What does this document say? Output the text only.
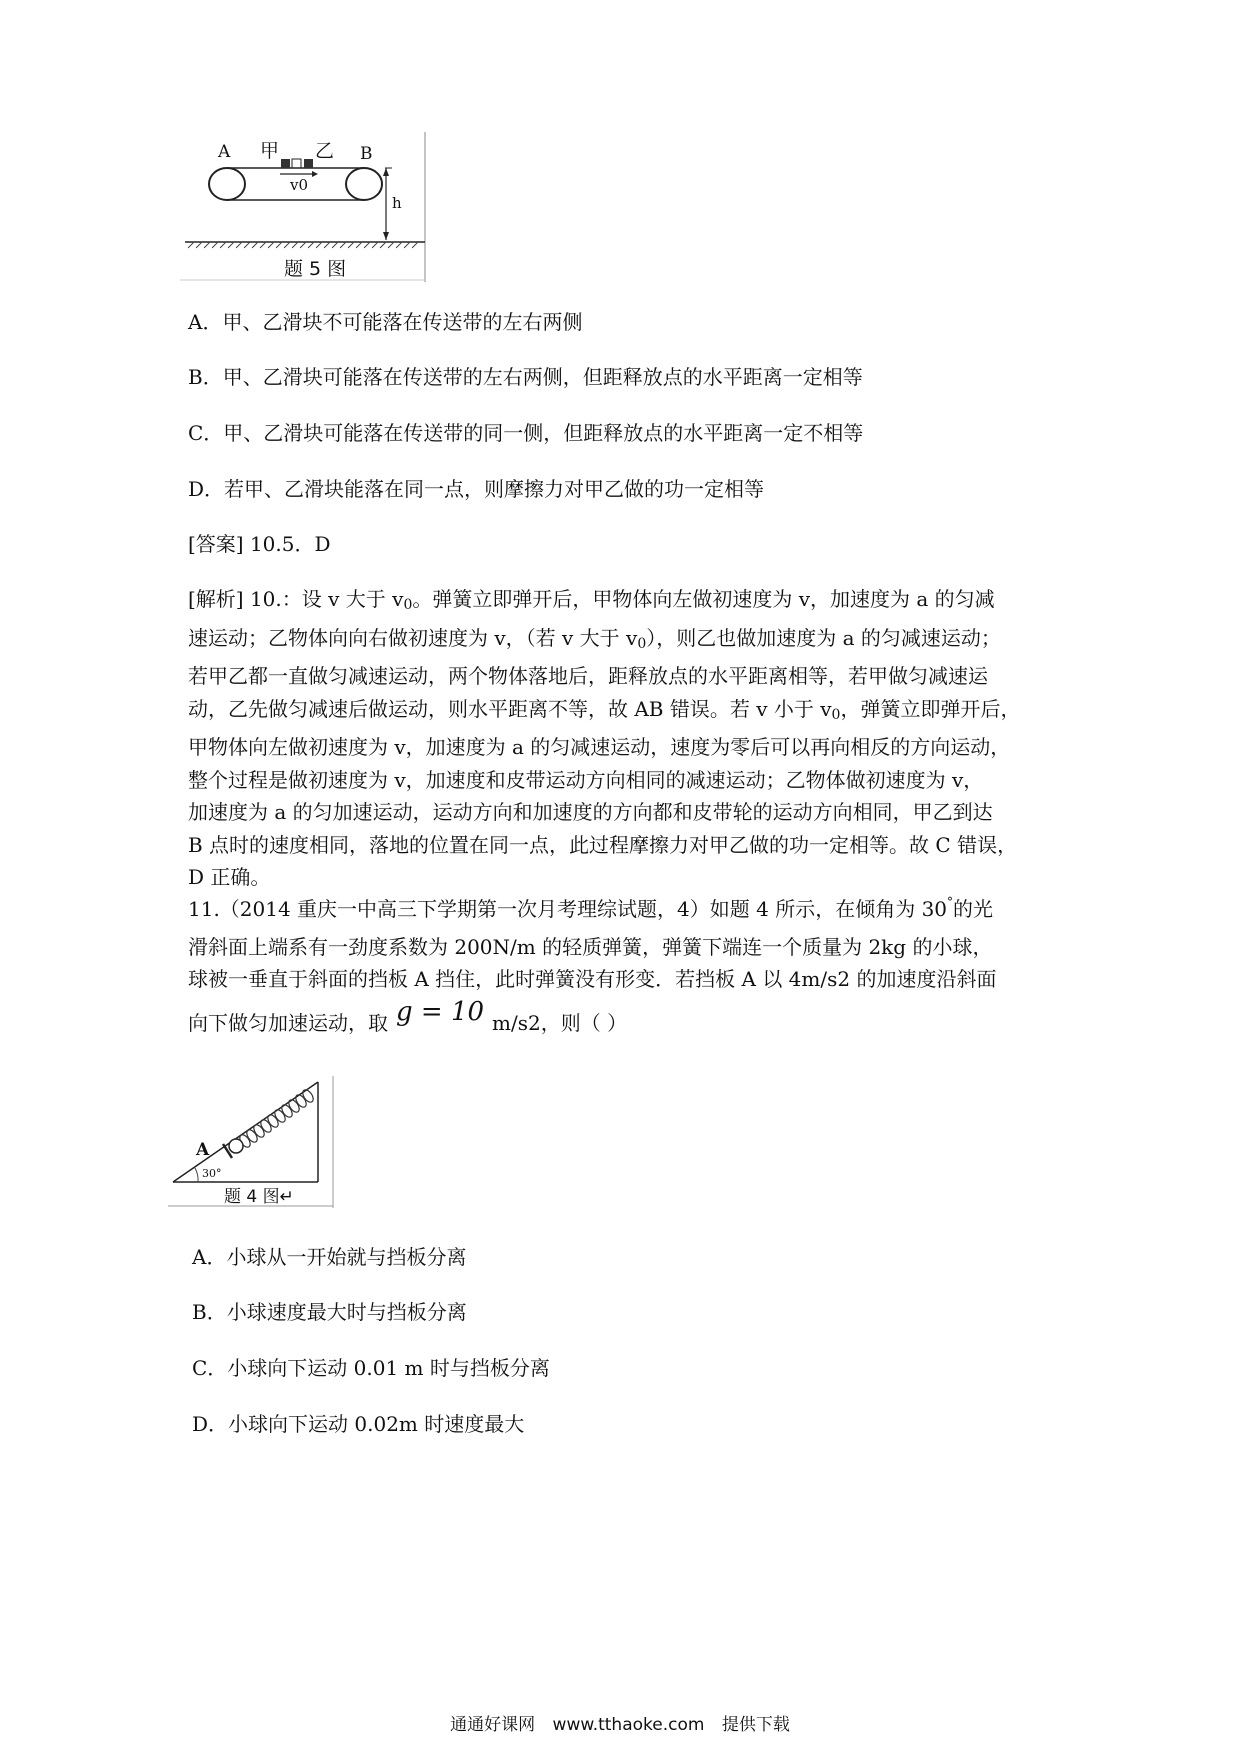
A 甲 乙 B
v0
h
题 5 图
A．甲、乙滑块不可能落在传送带的左右两侧
B．甲、乙滑块可能落在传送带的左右两侧，但距释放点的水平距离一定相等
C．甲、乙滑块可能落在传送带的同一侧，但距释放点的水平距离一定不相等
D．若甲、乙滑块能落在同一点，则摩擦力对甲乙做的功一定相等
[答案] 10.5．D

[解析] 10.：设 v 大于 $v_0$。弹簧立即弹开后，甲物体向左做初速度为 v，加速度为 a 的匀减

速运动；乙物体向向右做初速度为 v，（若 v 大于 $v_0$），则乙也做加速度为 a 的匀减速运动；

若甲乙都一直做匀减速运动，两个物体落地后，距释放点的水平距离相等，若甲做匀减速运

动，乙先做匀减速后做运动，则水平距离不等，故 AB 错误。若 v 小于 $v_0$，弹簧立即弹开后，

甲物体向左做初速度为 v，加速度为 a 的匀减速运动，速度为零后可以再向相反的方向运动，

整个过程是做初速度为 v，加速度和皮带运动方向相同的减速运动；乙物体做初速度为 v，

加速度为 a 的匀加速运动，运动方向和加速度的方向都和皮带轮的运动方向相同，甲乙到达

B 点时的速度相同，落地的位置在同一点，此过程摩擦力对甲乙做的功一定相等。故 C 错误，

D 正确。

11.（2014 重庆一中高三下学期第一次月考理综试题，4）如题 4 所示，在倾角为 30°的光
滑斜面上端系有一劲度系数为 200N/m 的轻质弹簧，弹簧下端连一个质量为 2kg 的小球，
球被一垂直于斜面的挡板 A 挡住，此时弹簧没有形变．若挡板 A 以 4m/s2 的加速度沿斜面
向下做匀加速运动，取 g = 10 m/s2，则（ ）
A
30°
题 4 图↵
A．小球从一开始就与挡板分离
B．小球速度最大时与挡板分离
C．小球向下运动 0.01 m 时与挡板分离
D．小球向下运动 0.02m 时速度最大
通通好课网 www.tthaoke.com 提供下载
